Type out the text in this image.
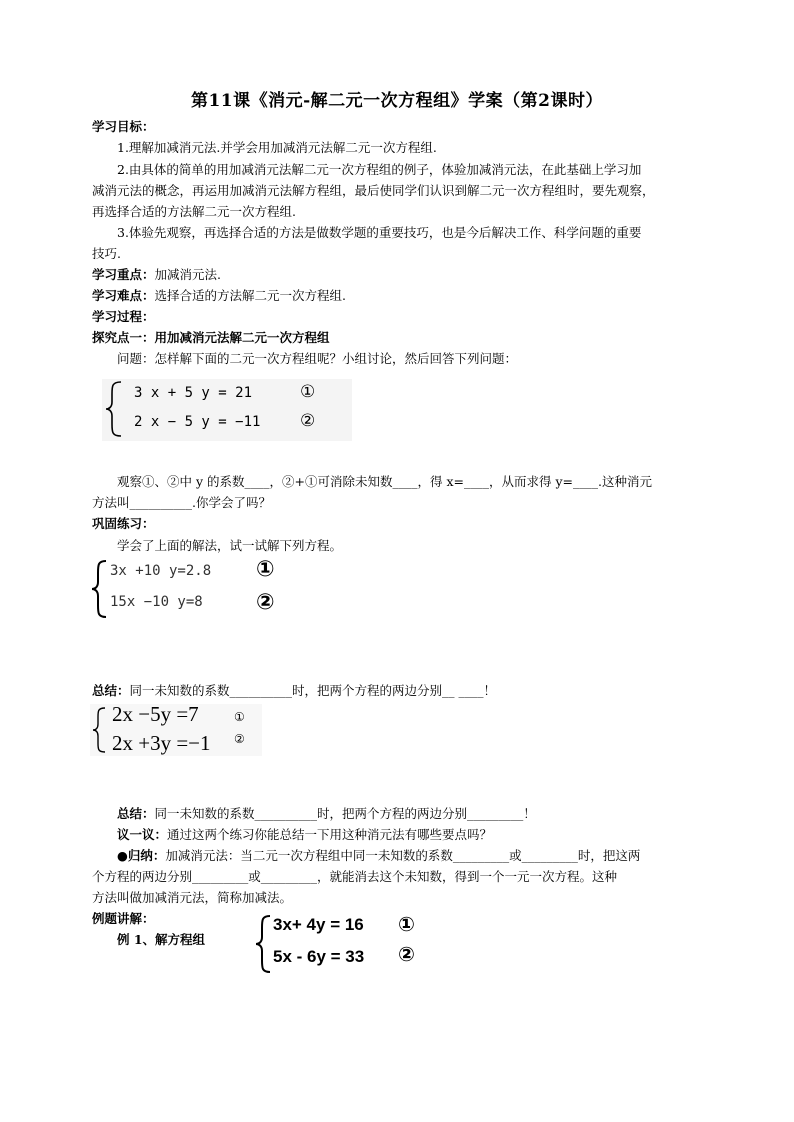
第11课《消元-解二元一次方程组》学案（第2课时）
学习目标：
1.理解加减消元法.并学会用加减消元法解二元一次方程组.
2.由具体的简单的用加减消元法解二元一次方程组的例子，体验加减消元法，在此基础上学习加
减消元法的概念，再运用加减消元法解方程组，最后使同学们认识到解二元一次方程组时，要先观察，
再选择合适的方法解二元一次方程组.
3.体验先观察，再选择合适的方法是做数学题的重要技巧，也是今后解决工作、科学问题的重要
技巧.
学习重点：加减消元法.
学习难点：选择合适的方法解二元一次方程组.
学习过程：
探究点一：用加减消元法解二元一次方程组
问题：怎样解下面的二元一次方程组呢？小组讨论，然后回答下列问题：
3 x + 5 y = 21
2 x − 5 y = −11
①
②
观察①、②中 y 的系数____，②+①可消除未知数____，得 x=____，从而求得 y=____.这种消元
方法叫__________.你学会了吗？
巩固练习：
学会了上面的解法，试一试解下列方程。
3x +10 y=2.8
15x −10 y=8
①
②
总结：同一未知数的系数__________时，把两个方程的两边分别__ ____！
2x −5y =7
2x +3y =−1
①
②
总结：同一未知数的系数__________时，把两个方程的两边分别_________！
议一议：通过这两个练习你能总结一下用这种消元法有哪些要点吗？
●归纳：加减消元法：当二元一次方程组中同一未知数的系数_________或_________时，把这两
个方程的两边分别_________或_________，就能消去这个未知数，得到一个一元一次方程。这种
方法叫做加减消元法，简称加减法。
例题讲解：
例 1、解方程组
3x+ 4y = 16
5x - 6y = 33
①
②
